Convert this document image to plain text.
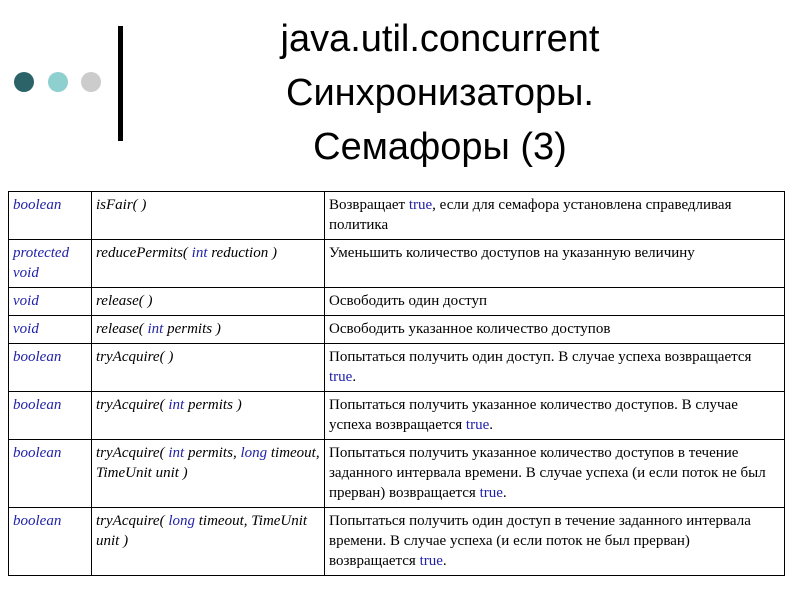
java.util.concurrent
Синхронизаторы.
Семафоры (3)
boolean	isFair( )	Возвращает true, если для семафора установлена справедливая политика
protected void	reducePermits( int reduction )	Уменьшить количество доступов на указанную величину
void	release( )	Освободить один доступ
void	release( int permits )	Освободить указанное количество доступов
boolean	tryAcquire( )	Попытаться получить один доступ. В случае успеха возвращается true.
boolean	tryAcquire( int permits )	Попытаться получить указанное количество доступов. В случае успеха возвращается true.
boolean	tryAcquire( int permits, long timeout, TimeUnit unit )	Попытаться получить указанное количество доступов в течение заданного интервала времени. В случае успеха (и если поток не был прерван) возвращается true.
boolean	tryAcquire( long timeout, TimeUnit unit )	Попытаться получить один доступ в течение заданного интервала времени. В случае успеха (и если поток не был прерван) возвращается true.
